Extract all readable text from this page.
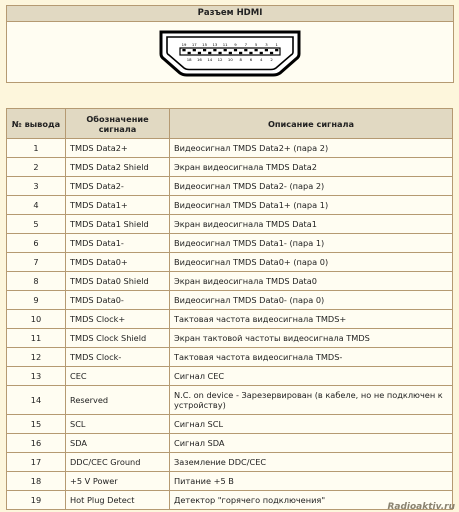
Разъем HDMI
19 17 15 13 11 9 7 5 3 1
18 16 14 12 10 8 6 4 2
№ вывода	Обозначение сигнала	Описание сигнала
1	TMDS Data2+	Видеосигнал TMDS Data2+ (пара 2)
2	TMDS Data2 Shield	Экран видеосигнала TMDS Data2
3	TMDS Data2-	Видеосигнал TMDS Data2- (пара 2)
4	TMDS Data1+	Видеосигнал TMDS Data1+ (пара 1)
5	TMDS Data1 Shield	Экран видеосигнала TMDS Data1
6	TMDS Data1-	Видеосигнал TMDS Data1- (пара 1)
7	TMDS Data0+	Видеосигнал TMDS Data0+ (пара 0)
8	TMDS Data0 Shield	Экран видеосигнала TMDS Data0
9	TMDS Data0-	Видеосигнал TMDS Data0- (пара 0)
10	TMDS Clock+	Тактовая частота видеосигнала TMDS+
11	TMDS Clock Shield	Экран тактовой частоты видеосигнала TMDS
12	TMDS Clock-	Тактовая частота видеосигнала TMDS-
13	CEC	Сигнал CEC
14	Reserved	N.C. on device - Зарезервирован (в кабеле, но не подключен к устройству)
15	SCL	Сигнал SCL
16	SDA	Сигнал SDA
17	DDC/CEC Ground	Заземление DDC/CEC
18	+5 V Power	Питание +5 В
19	Hot Plug Detect	Детектор "горячего подключения"
Radioaktiv.ru
